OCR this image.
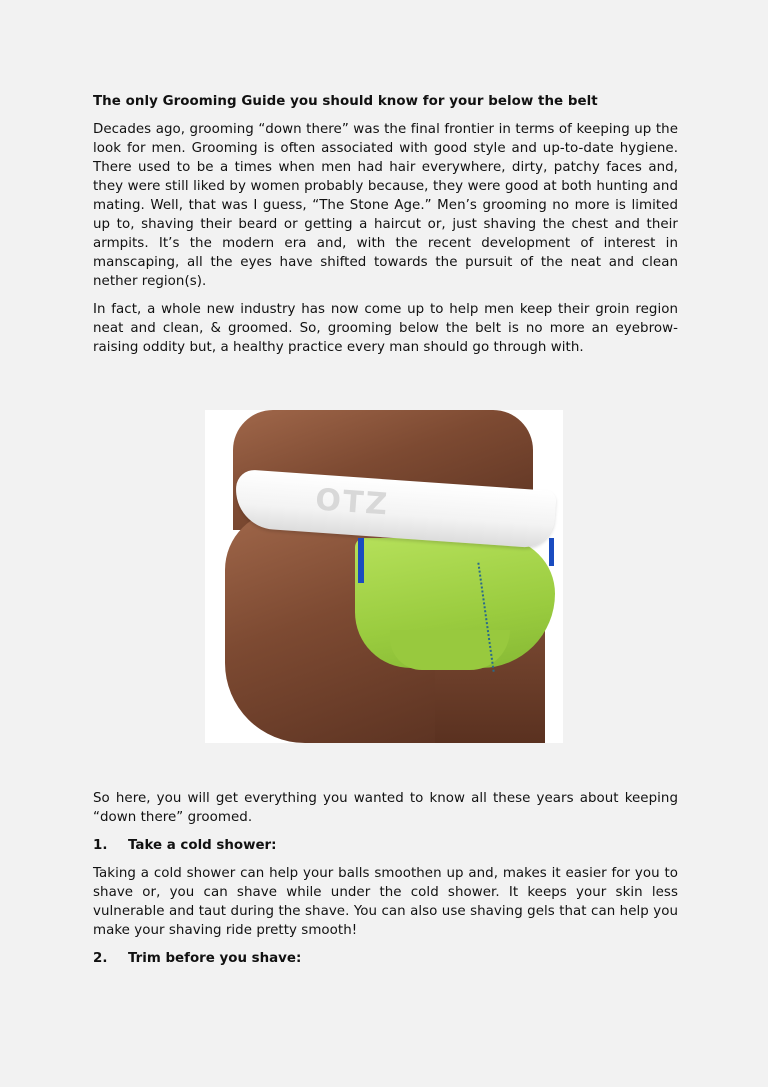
The only Grooming Guide you should know for your below the belt

Decades ago, grooming “down there” was the final frontier in terms of keeping up the look for men. Grooming is often associated with good style and up-to-date hygiene. There used to be a times when men had hair everywhere, dirty, patchy faces and, they were still liked by women probably because, they were good at both hunting and mating. Well, that was I guess, “The Stone Age.” Men’s grooming no more is limited up to, shaving their beard or getting a haircut or, just shaving the chest and their armpits. It’s the modern era and, with the recent development of interest in manscaping, all the eyes have shifted towards the pursuit of the neat and clean nether region(s).

In fact, a whole new industry has now come up to help men keep their groin region neat and clean, & groomed. So, grooming below the belt is no more an eyebrow-raising oddity but, a healthy practice every man should go through with.

OTZ

So here, you will get everything you wanted to know all these years about keeping “down there” groomed.

1.	Take a cold shower:

Taking a cold shower can help your balls smoothen up and, makes it easier for you to shave or, you can shave while under the cold shower. It keeps your skin less vulnerable and taut during the shave. You can also use shaving gels that can help you make your shaving ride pretty smooth!

2.	Trim before you shave:
